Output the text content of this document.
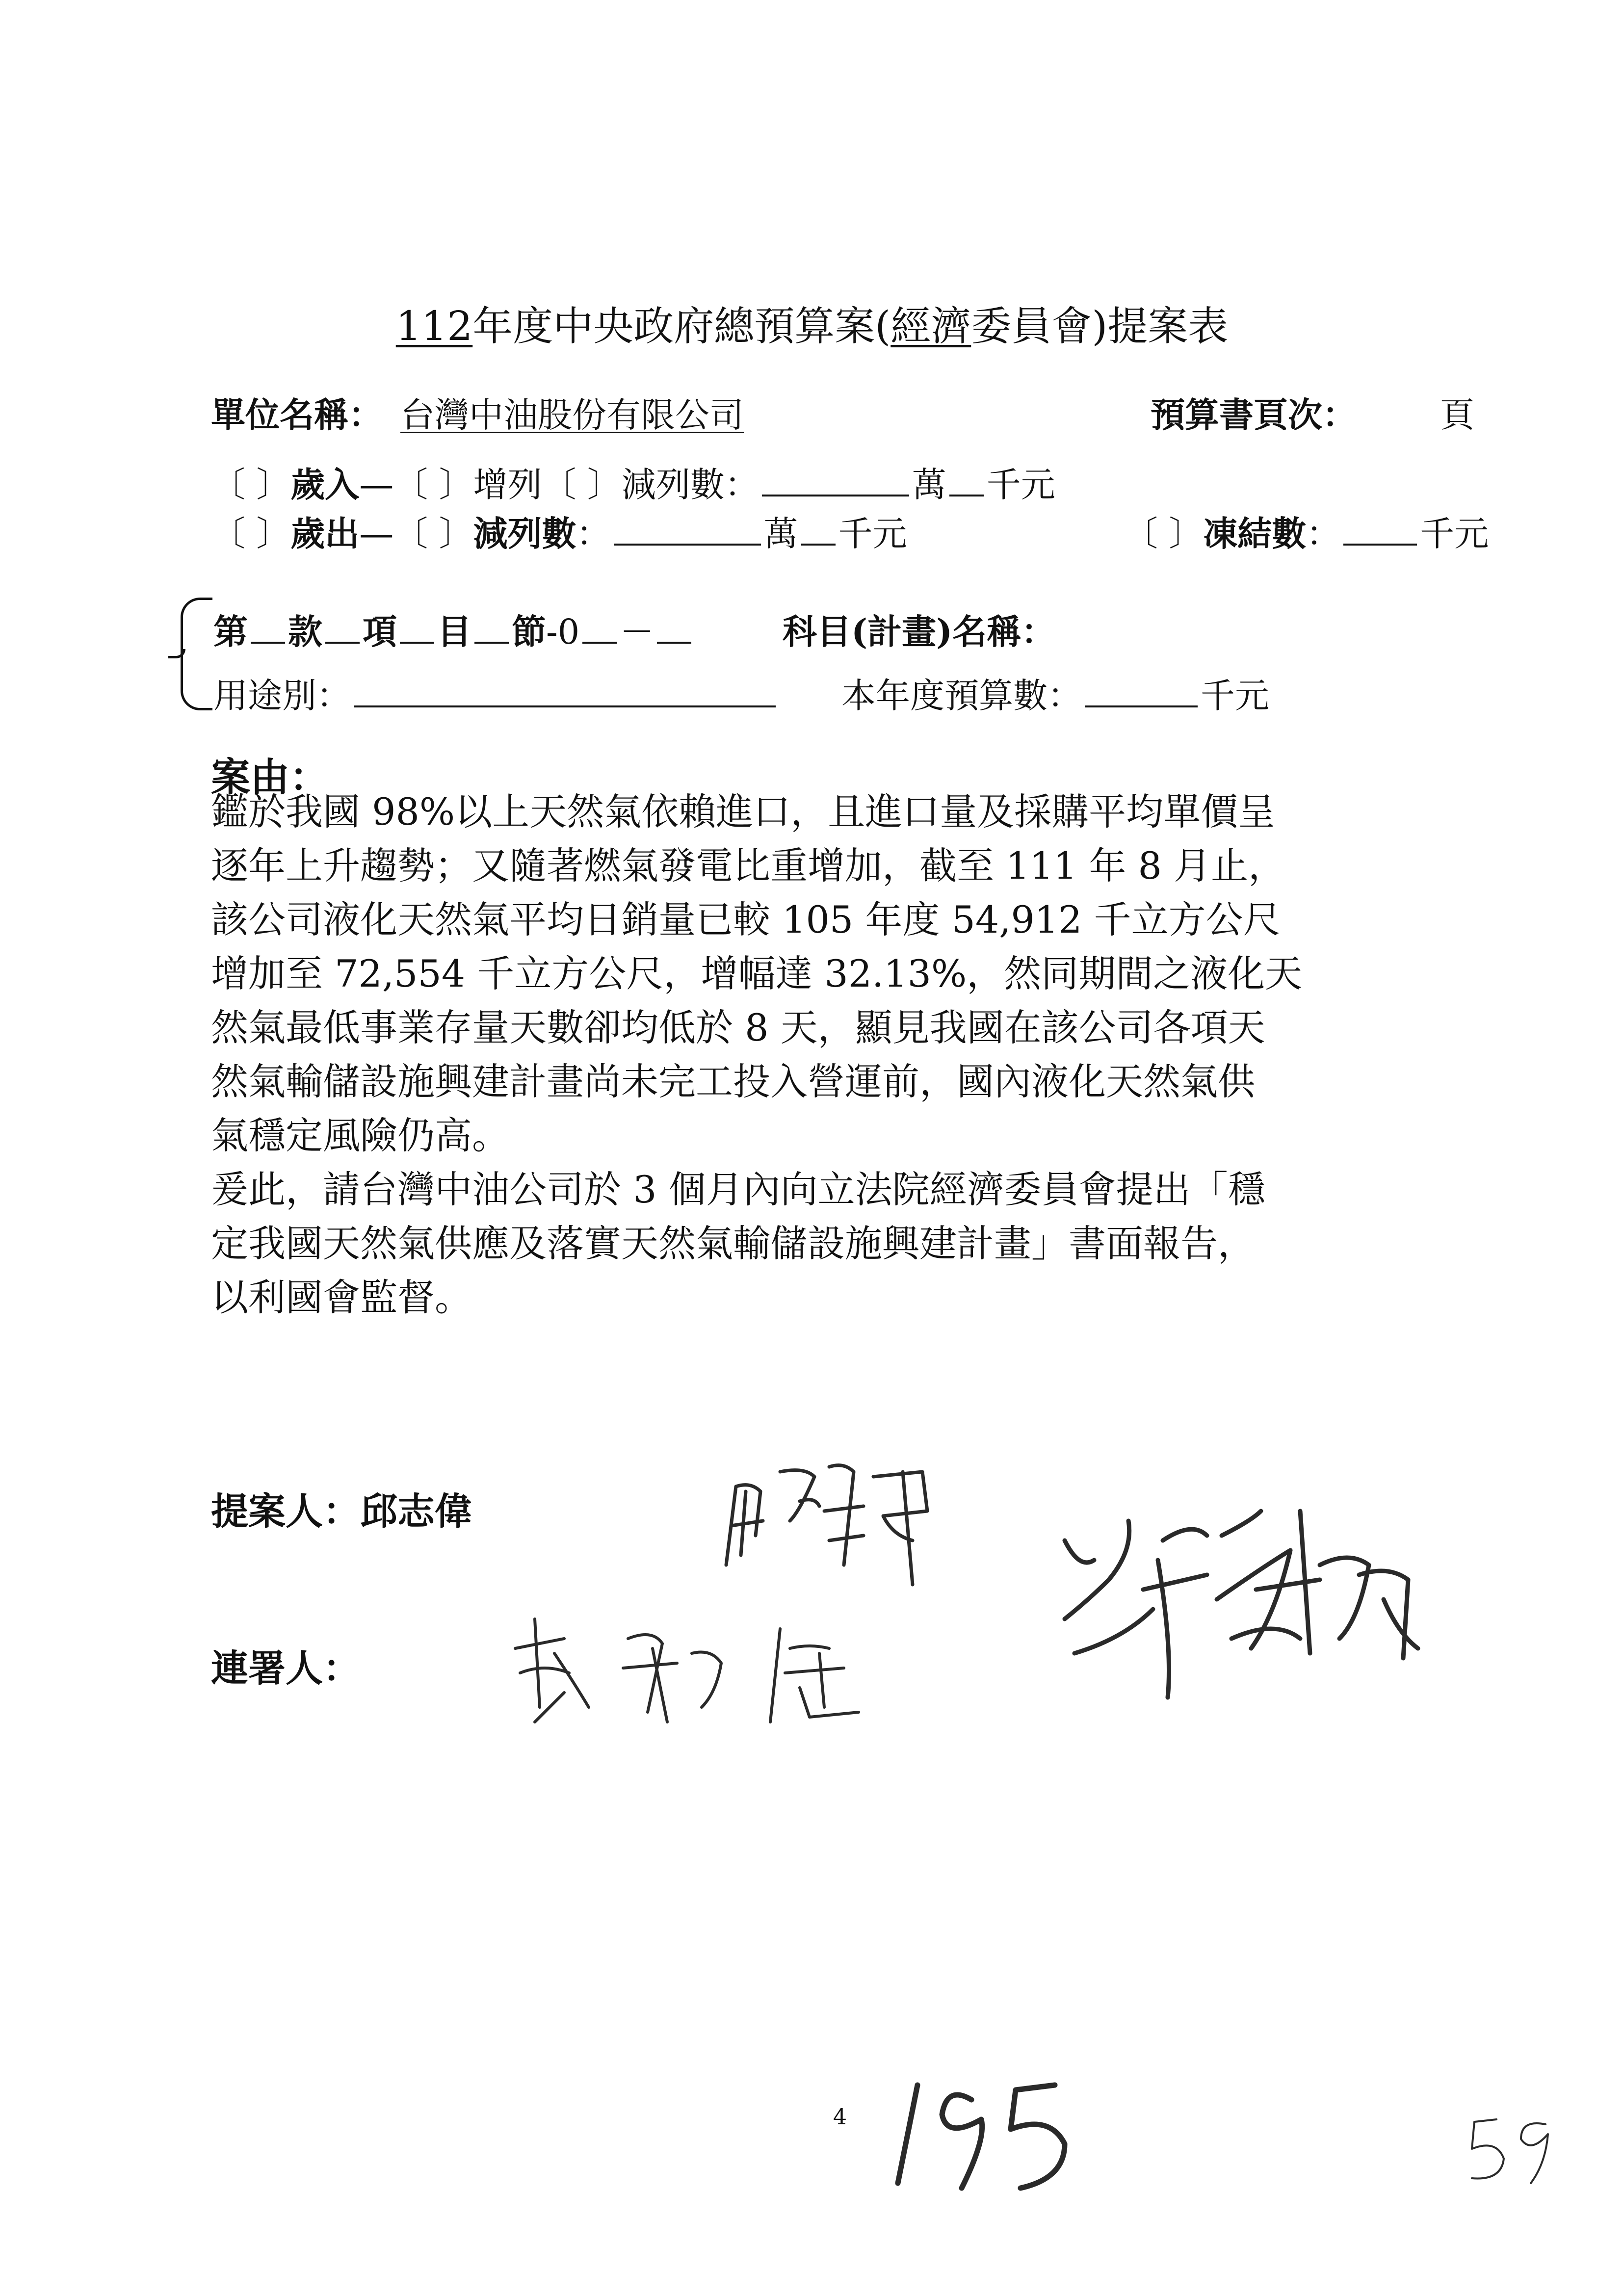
112年度中央政府總預算案(經濟委員會)提案表
單位名稱： 台灣中油股份有限公司	預算書頁次： 頁
〔 〕歲入—〔 〕增列〔 〕減列數：	萬 千元
〔 〕歲出—〔 〕減列數：	萬 千元	〔 〕凍結數： 千元
第 款 項 目 節-0 －	科目(計畫)名稱：
用途別：	本年度預算數：	千元
案由：

鑑於我國 98%以上天然氣依賴進口，且進口量及採購平均單價呈

逐年上升趨勢；又隨著燃氣發電比重增加，截至 111 年 8 月止，

該公司液化天然氣平均日銷量已較 105 年度 54,912 千立方公尺

增加至 72,554 千立方公尺，增幅達 32.13%，然同期間之液化天

然氣最低事業存量天數卻均低於 8 天，顯見我國在該公司各項天

然氣輸儲設施興建計畫尚未完工投入營運前，國內液化天然氣供

氣穩定風險仍高。

爰此，請台灣中油公司於 3 個月內向立法院經濟委員會提出「穩

定我國天然氣供應及落實天然氣輸儲設施興建計畫」書面報告，

以利國會監督。

提案人：邱志偉
連署人：
4
